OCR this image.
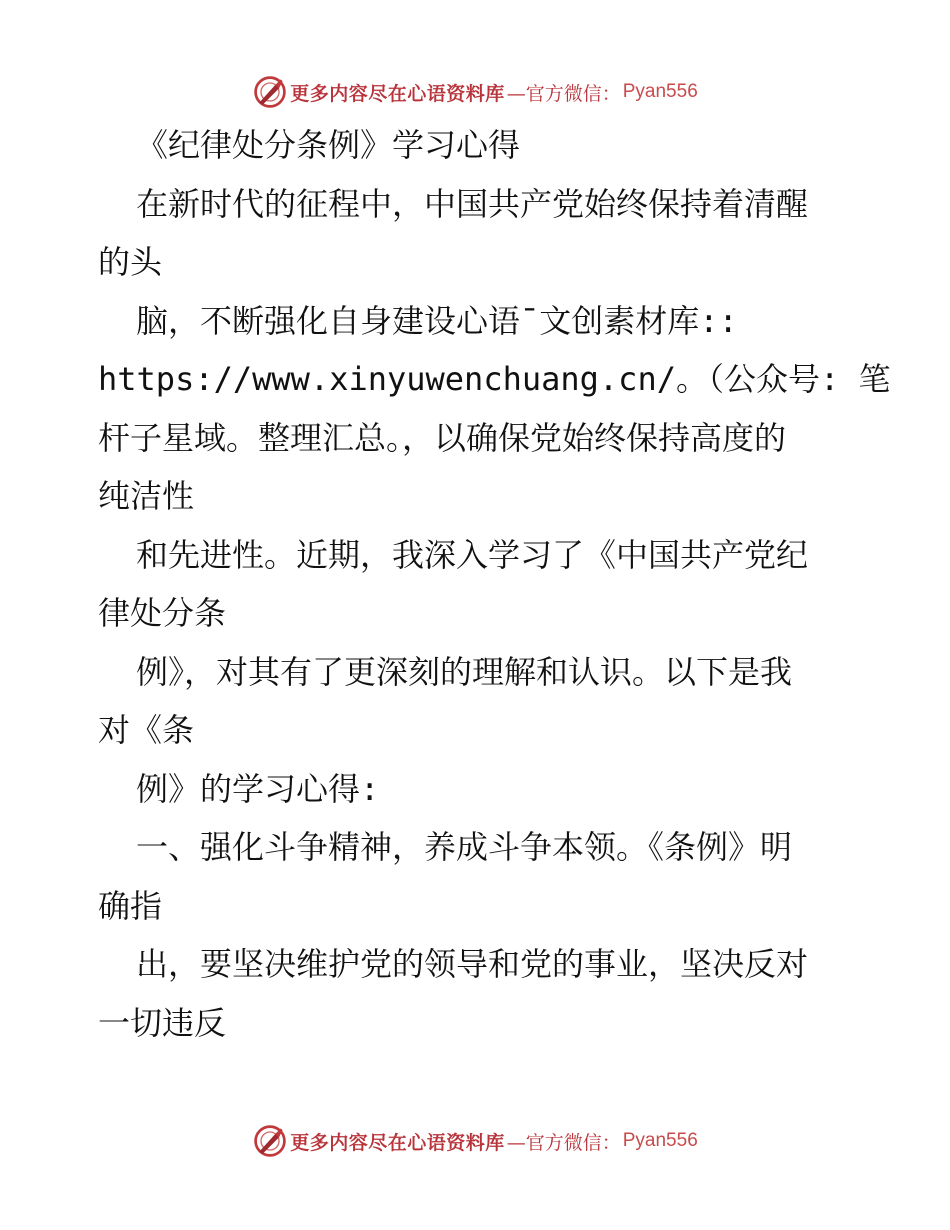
更多内容尽在心语资料库 —官方微信： Pyan556
《纪律处分条例》学习心得
在新时代的征程中，中国共产党始终保持着清醒
的头
脑，不断强化自身建设心语¯文创素材库::
https://www.xinyuwenchuang.cn/。（公众号: 笔
杆子星域。整理汇总。，以确保党始终保持高度的
纯洁性
和先进性。近期，我深入学习了《中国共产党纪
律处分条
例》，对其有了更深刻的理解和认识。以下是我
对《条
例》的学习心得:
一、强化斗争精神，养成斗争本领。《条例》明
确指
出，要坚决维护党的领导和党的事业，坚决反对
一切违反
更多内容尽在心语资料库 —官方微信： Pyan556
